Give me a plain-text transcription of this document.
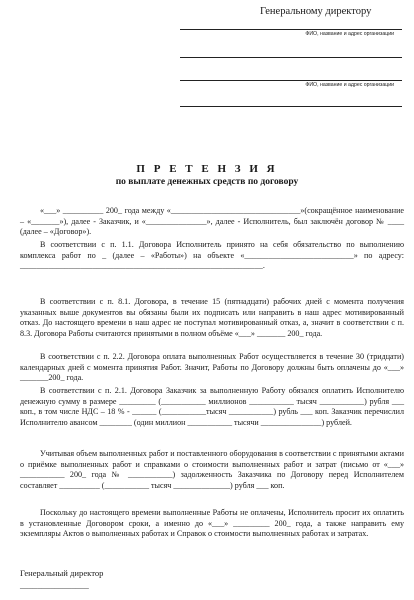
Генеральному директору
ФИО, название и адрес организации
ФИО, название и адрес организации
П Р Е Т Е Н З И Я
по выплате денежных средств по договору
«___» __________ 200_ года между «________________________________»(сокращённое наименование – «_______»), далее - Заказчик, и «_______________», далее - Исполнитель, был заключён договор № ____ (далее – «Договор»).
В соответствии с п. 1.1. Договора Исполнитель принято на себя обязательство по выполнению комплекса работ по _ (далее – «Работы») на объекте «___________________________» по адресу: ____________________________________________________________.
В соответствии с п. 8.1. Договора, в течение 15 (пятнадцати) рабочих дней с момента получения указанных выше документов вы обязаны были их подписать или направить в наш адрес мотивированный отказ. До настоящего времени в наш адрес не поступал мотивированный отказ, а, значит в соответствии с п. 8.3. Договора Работы считаются принятыми в полном объёме «___» _______ 200_ года.
В соответствии с п. 2.2. Договора оплата выполненных Работ осуществляется в течение 30 (тридцати) календарных дней с момента принятия Работ. Значит, Работы по Договору должны быть оплачены до «___» _______200_ года.
В соответствии с п. 2.1. Договора Заказчик за выполненную Работу обязался оплатить Исполнителю денежную сумму в размере _________ (___________ миллионов ___________ тысяч ___________) рубля ___ коп., в том числе НДС – 18 % - ______ (___________тысяч ___________) рубль ___ коп. Заказчик перечислил Исполнителю авансом ________ (один миллион ___________ тысячи _______________) рублей.
Учитывая объем выполненных работ и поставленного оборудования в соответствии с принятыми актами о приёмке выполненных работ и справками о стоимости выполненных работ и затрат (письмо от «___» ___________ 200_ года № ___________) задолженность Заказчика по Договору перед Исполнителем составляет __________ (___________ тысяч ______________) рубля ___ коп.
Поскольку до настоящего времени выполненные Работы не оплачены, Исполнитель просит их оплатить в установленные Договором сроки, а именно до «___» _________ 200_ года, а также направить ему экземпляры Актов о выполненных работах и Справок о стоимости выполненных работах и затратах.
Генеральный директор
________________
